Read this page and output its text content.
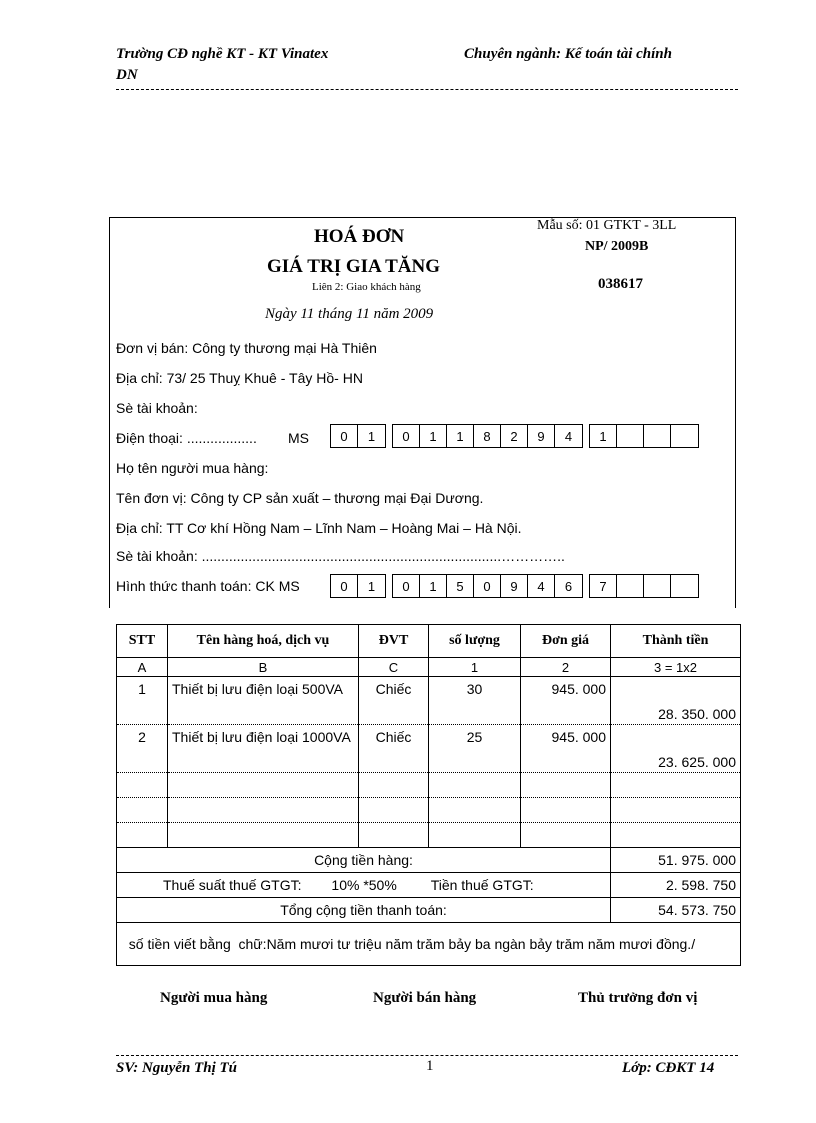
Trường CĐ nghề KT - KT Vinatex
DN
Chuyên ngành: Kế toán tài chính
HOÁ ĐƠN
GIÁ TRỊ GIA TĂNG
Liên 2: Giao khách hàng
Mẫu số: 01 GTKT - 3LL
NP/ 2009B
038617
Ngày 11 tháng 11 năm 2009
Đơn vị bán: Công ty thương mại Hà Thiên
Địa chỉ: 73/ 25 Thuỵ Khuê - Tây Hồ- HN
Sè tài khoản:
Điện thoại: .................. MS	0	1	0	1	1	8	2	9	4	1
Họ tên người mua hàng:
Tên đơn vị: Công ty CP sản xuất – thương mại Đại Dương.
Địa chỉ: TT Cơ khí Hồng Nam – Lĩnh Nam – Hoàng Mai – Hà Nội.
Sè tài khoản: .............................................................................…………..
Hình thức thanh toán: CK MS	0	1	0	1	5	0	9	4	6	7
STT	Tên hàng hoá, dịch vụ	ĐVT	số lượng	Đơn giá	Thành tiền
A	B	C	1	2	3 = 1x2
1	Thiết bị lưu điện loại 500VA	Chiếc	30	945. 000	28. 350. 000
2	Thiết bị lưu điện loại 1000VA	Chiếc	25	945. 000	23. 625. 000

Cộng tiền hàng:					51. 975. 000
Thuế suất thuế GTGT: 10% *50% Tiền thuế GTGT:					2. 598. 750
Tổng cộng tiền thanh toán:					54. 573. 750
số tiền viết bằng  chữ:Năm mươi tư triệu năm trăm bảy ba ngàn bảy trăm năm mươi đồng./					
Người mua hàng	Người bán hàng	Thủ trưởng đơn vị
SV: Nguyễn Thị Tú	1	Lớp: CĐKT 14
